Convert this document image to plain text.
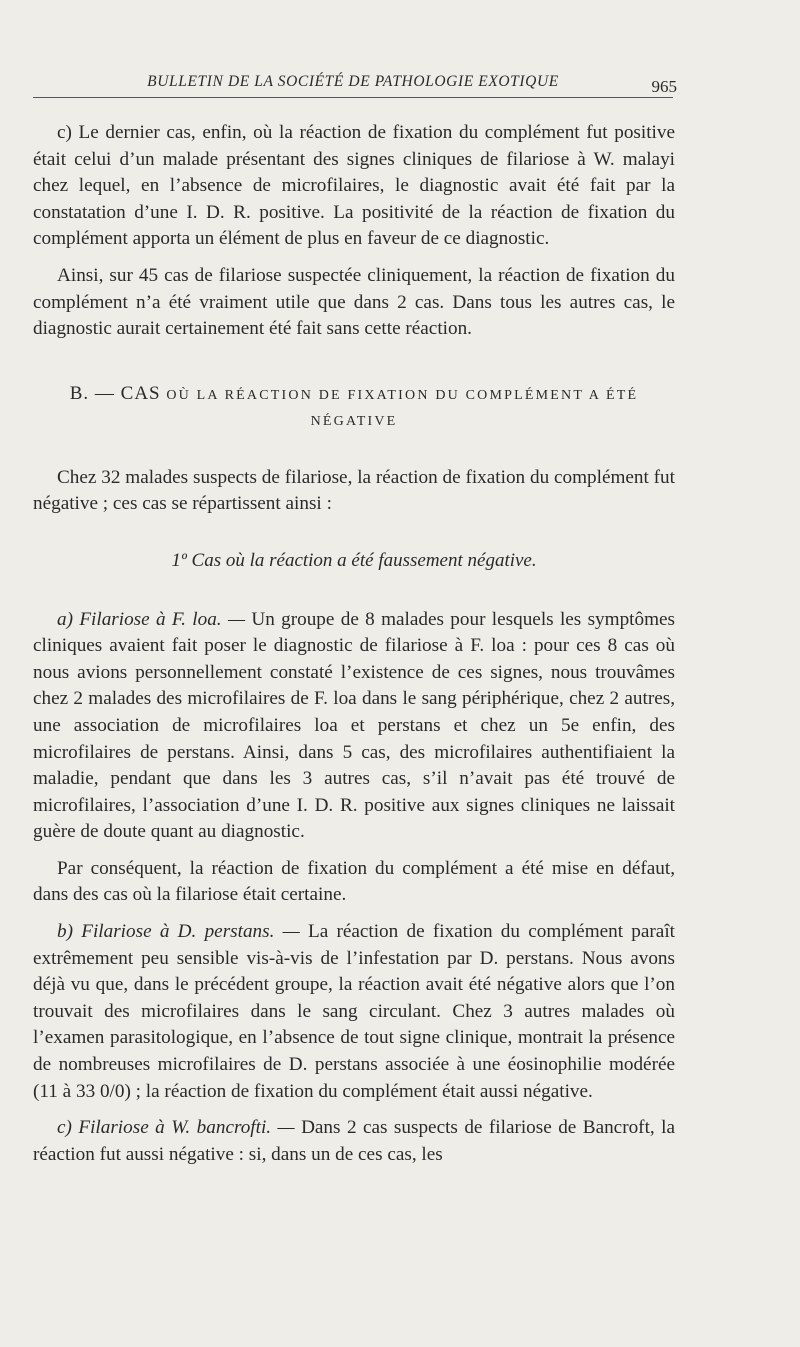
BULLETIN DE LA SOCIÉTÉ DE PATHOLOGIE EXOTIQUE	965

c) Le dernier cas, enfin, où la réaction de fixation du complément fut positive était celui d’un malade présentant des signes cliniques de filariose à W. malayi chez lequel, en l’absence de microfilaires, le diagnostic avait été fait par la constatation d’une I. D. R. positive. La positivité de la réaction de fixation du complément apporta un élément de plus en faveur de ce diagnostic.

Ainsi, sur 45 cas de filariose suspectée cliniquement, la réaction de fixation du complément n’a été vraiment utile que dans 2 cas. Dans tous les autres cas, le diagnostic aurait certainement été fait sans cette réaction.

B. — CAS OÙ LA RÉACTION DE FIXATION DU COMPLÉMENT A ÉTÉ NÉGATIVE

Chez 32 malades suspects de filariose, la réaction de fixation du complément fut négative ; ces cas se répartissent ainsi :

1º Cas où la réaction a été faussement négative.

a) Filariose à F. loa. — Un groupe de 8 malades pour lesquels les symptômes cliniques avaient fait poser le diagnostic de filariose à F. loa : pour ces 8 cas où nous avions personnellement constaté l’existence de ces signes, nous trouvâmes chez 2 malades des microfilaires de F. loa dans le sang périphérique, chez 2 autres, une association de microfilaires loa et perstans et chez un 5e enfin, des microfilaires de perstans. Ainsi, dans 5 cas, des microfilaires authentifiaient la maladie, pendant que dans les 3 autres cas, s’il n’avait pas été trouvé de microfilaires, l’association d’une I. D. R. positive aux signes cliniques ne laissait guère de doute quant au diagnostic.

Par conséquent, la réaction de fixation du complément a été mise en défaut, dans des cas où la filariose était certaine.

b) Filariose à D. perstans. — La réaction de fixation du complément paraît extrêmement peu sensible vis-à-vis de l’infestation par D. perstans. Nous avons déjà vu que, dans le précédent groupe, la réaction avait été négative alors que l’on trouvait des microfilaires dans le sang circulant. Chez 3 autres malades où l’examen parasitologique, en l’absence de tout signe clinique, montrait la présence de nombreuses microfilaires de D. perstans associée à une éosinophilie modérée (11 à 33 0/0) ; la réaction de fixation du complément était aussi négative.

c) Filariose à W. bancrofti. — Dans 2 cas suspects de filariose de Bancroft, la réaction fut aussi négative : si, dans un de ces cas, les
